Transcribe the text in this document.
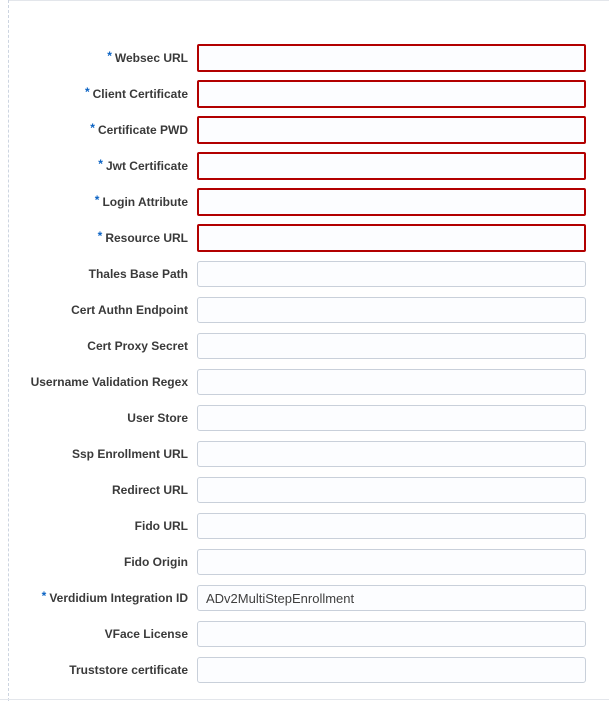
* Websec URL
* Client Certificate
* Certificate PWD
* Jwt Certificate
* Login Attribute
* Resource URL
Thales Base Path
Cert Authn Endpoint
Cert Proxy Secret
Username Validation Regex
User Store
Ssp Enrollment URL
Redirect URL
Fido URL
Fido Origin
* Verdidium Integration ID
ADv2MultiStepEnrollment
VFace License
Truststore certificate
